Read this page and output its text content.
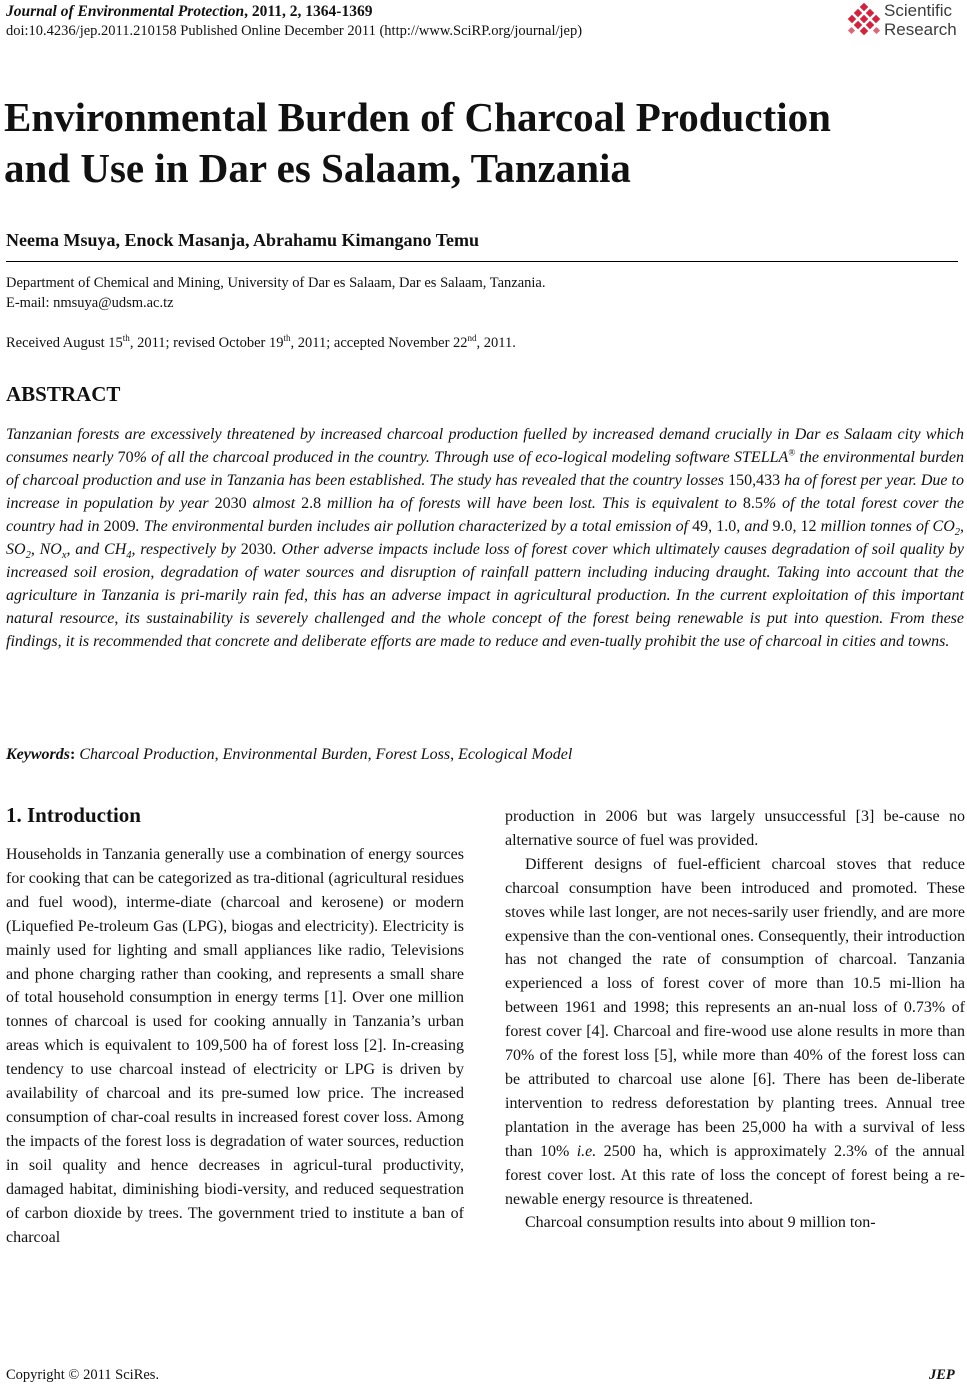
Journal of Environmental Protection, 2011, 2, 1364-1369
doi:10.4236/jep.2011.210158 Published Online December 2011 (http://www.SciRP.org/journal/jep)
Scientific
Research
Environmental Burden of Charcoal Production
and Use in Dar es Salaam, Tanzania
Neema Msuya, Enock Masanja, Abrahamu Kimangano Temu
Department of Chemical and Mining, University of Dar es Salaam, Dar es Salaam, Tanzania.
E-mail: nmsuya@udsm.ac.tz
Received August 15th, 2011; revised October 19th, 2011; accepted November 22nd, 2011.
ABSTRACT
Tanzanian forests are excessively threatened by increased charcoal production fuelled by increased demand crucially in Dar es Salaam city which consumes nearly 70% of all the charcoal produced in the country. Through use of eco-logical modeling software STELLA® the environmental burden of charcoal production and use in Tanzania has been established. The study has revealed that the country losses 150,433 ha of forest per year. Due to increase in population by year 2030 almost 2.8 million ha of forests will have been lost. This is equivalent to 8.5% of the total forest cover the country had in 2009. The environmental burden includes air pollution characterized by a total emission of 49, 1.0, and 9.0, 12 million tonnes of $CO_2$, $SO_2$, $NO_x$, and $CH_4$, respectively by 2030. Other adverse impacts include loss of forest cover which ultimately causes degradation of soil quality by increased soil erosion, degradation of water sources and disruption of rainfall pattern including inducing draught. Taking into account that the agriculture in Tanzania is pri-marily rain fed, this has an adverse impact in agricultural production. In the current exploitation of this important natural resource, its sustainability is severely challenged and the whole concept of the forest being renewable is put into question. From these findings, it is recommended that concrete and deliberate efforts are made to reduce and even-tually prohibit the use of charcoal in cities and towns.
Keywords: Charcoal Production, Environmental Burden, Forest Loss, Ecological Model
1. Introduction

Households in Tanzania generally use a combination of energy sources for cooking that can be categorized as tra-ditional (agricultural residues and fuel wood), interme-diate (charcoal and kerosene) or modern (Liquefied Pe-troleum Gas (LPG), biogas and electricity). Electricity is mainly used for lighting and small appliances like radio, Televisions and phone charging rather than cooking, and represents a small share of total household consumption in energy terms [1]. Over one million tonnes of charcoal is used for cooking annually in Tanzania’s urban areas which is equivalent to 109,500 ha of forest loss [2]. In-creasing tendency to use charcoal instead of electricity or LPG is driven by availability of charcoal and its pre-sumed low price. The increased consumption of char-coal results in increased forest cover loss. Among the impacts of the forest loss is degradation of water sources, reduction in soil quality and hence decreases in agricul-tural productivity, damaged habitat, diminishing biodi-versity, and reduced sequestration of carbon dioxide by trees. The government tried to institute a ban of charcoal

production in 2006 but was largely unsuccessful [3] be-cause no alternative source of fuel was provided.

Different designs of fuel-efficient charcoal stoves that reduce charcoal consumption have been introduced and promoted. These stoves while last longer, are not neces-sarily user friendly, and are more expensive than the con-ventional ones. Consequently, their introduction has not changed the rate of consumption of charcoal. Tanzania experienced a loss of forest cover of more than 10.5 mi-llion ha between 1961 and 1998; this represents an an-nual loss of 0.73% of forest cover [4]. Charcoal and fire-wood use alone results in more than 70% of the forest loss [5], while more than 40% of the forest loss can be attributed to charcoal use alone [6]. There has been de-liberate intervention to redress deforestation by planting trees. Annual tree plantation in the average has been 25,000 ha with a survival of less than 10% i.e. 2500 ha, which is approximately 2.3% of the annual forest cover lost. At this rate of loss the concept of forest being a re-newable energy resource is threatened.

Charcoal consumption results into about 9 million ton-

Copyright © 2011 SciRes.	JEP
